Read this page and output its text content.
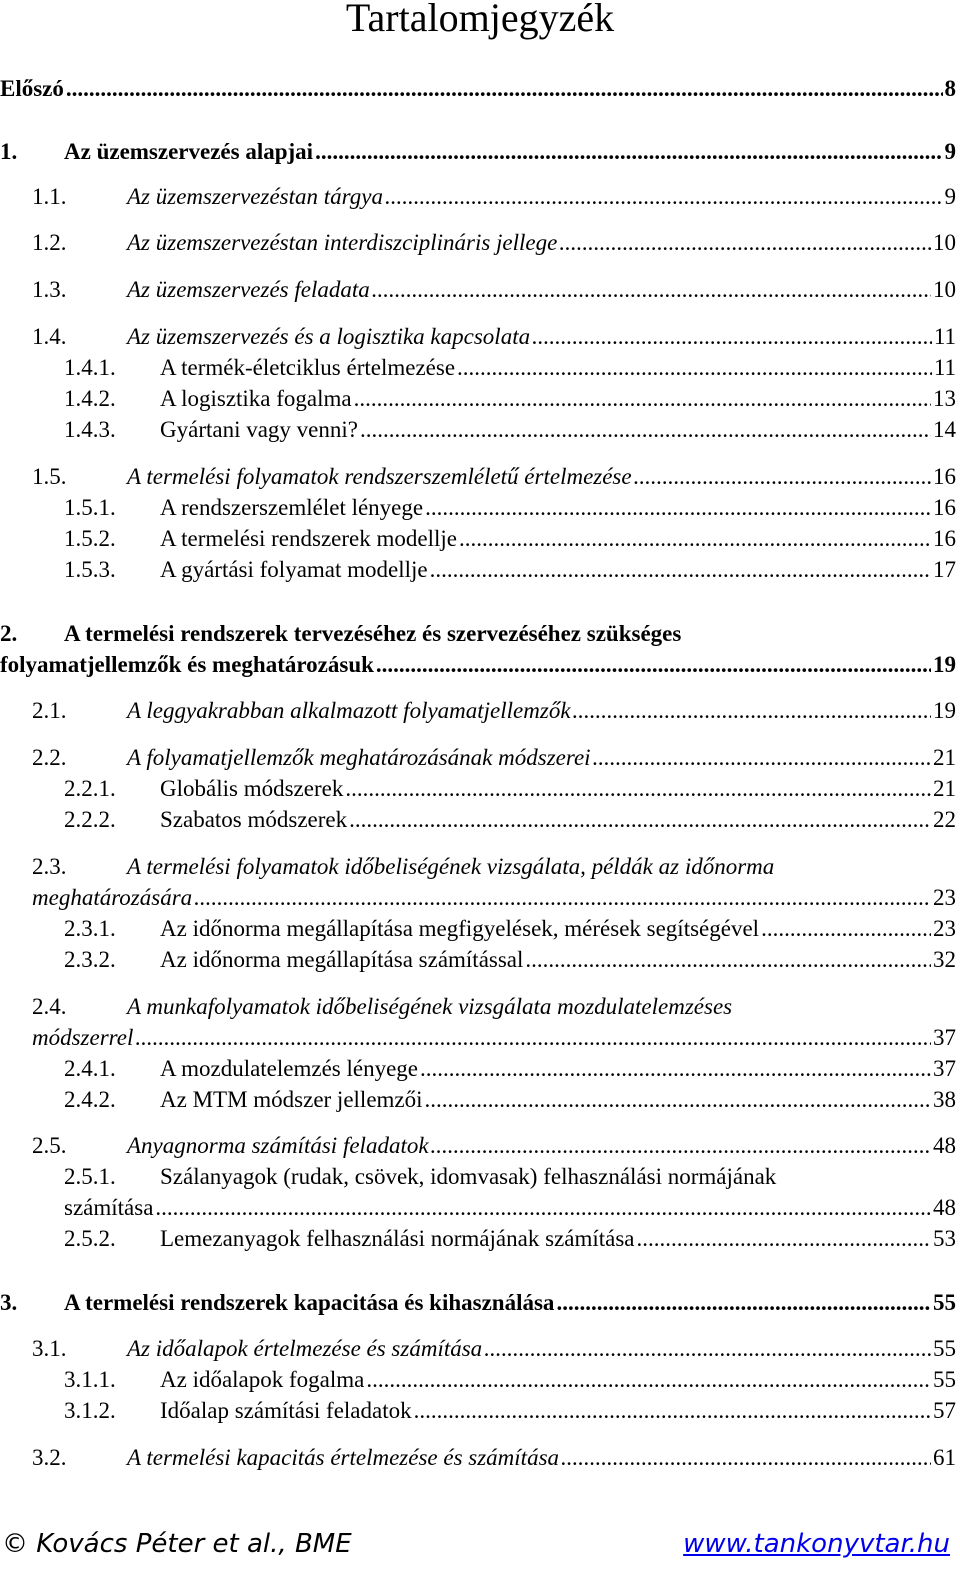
Tartalomjegyzék
Előszó .....	8
1. Az üzemszervezés alapjai .....	9
1.1.	Az üzemszervezéstan tárgya .....	9
1.2.	Az üzemszervezéstan interdiszciplináris jellege .....	10
1.3.	Az üzemszervezés feladata .....	10
1.4.	Az üzemszervezés és a logisztika kapcsolata .....	11
1.4.1. A termék-életciklus értelmezése .....	11
1.4.2. A logisztika fogalma .....	13
1.4.3. Gyártani vagy venni? .....	14
1.5.	A termelési folyamatok rendszerszemléletű értelmezése .....	16
1.5.1. A rendszerszemlélet lényege .....	16
1.5.2. A termelési rendszerek modellje .....	16
1.5.3. A gyártási folyamat modellje .....	17
2. A termelési rendszerek tervezéséhez és szervezéséhez szükséges
folyamatjellemzők és meghatározásuk .....	19
2.1.	A leggyakrabban alkalmazott folyamatjellemzők .....	19
2.2.	A folyamatjellemzők meghatározásának módszerei .....	21
2.2.1. Globális módszerek .....	21
2.2.2. Szabatos módszerek .....	22
2.3.	A termelési folyamatok időbeliségének vizsgálata, példák az időnorma
meghatározására .....	23
2.3.1. Az időnorma megállapítása megfigyelések, mérések segítségével .....	23
2.3.2. Az időnorma megállapítása számítással .....	32
2.4.	A munkafolyamatok időbeliségének vizsgálata mozdulatelemzéses
módszerrel .....	37
2.4.1. A mozdulatelemzés lényege .....	37
2.4.2. Az MTM módszer jellemzői .....	38
2.5.	Anyagnorma számítási feladatok .....	48
2.5.1. Szálanyagok (rudak, csövek, idomvasak) felhasználási normájának
számítása .....	48
2.5.2. Lemezanyagok felhasználási normájának számítása .....	53
3. A termelési rendszerek kapacitása és kihasználása .....	55
3.1.	Az időalapok értelmezése és számítása .....	55
3.1.1. Az időalapok fogalma .....	55
3.1.2. Időalap számítási feladatok .....	57
3.2.	A termelési kapacitás értelmezése és számítása .....	61
© Kovács Péter et al., BME	www.tankonyvtar.hu
